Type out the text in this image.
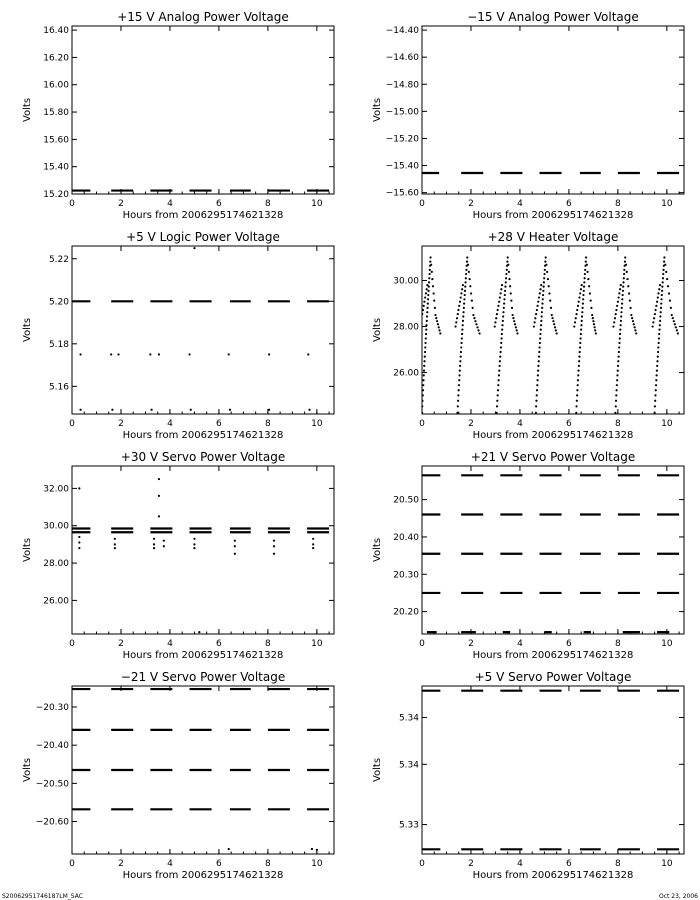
+15 V Analog Power Voltage
0	2	4	6	8	10
15.20
15.40
15.60
15.80
16.00
16.20
16.40
Hours from 2006295174621328
Volts
−15 V Analog Power Voltage
0	2	4	6	8	10
−15.60
−15.40
−15.20
−15.00
−14.80
−14.60
−14.40
Hours from 2006295174621328
Volts
+5 V Logic Power Voltage
0	2	4	6	8	10
5.16
5.18
5.20
5.22
Hours from 2006295174621328
Volts
+28 V Heater Voltage
0	2	4	6	8	10
26.00
28.00
30.00
Hours from 2006295174621328
Volts
+30 V Servo Power Voltage
0	2	4	6	8	10
26.00
28.00
30.00
32.00
Hours from 2006295174621328
Volts
+21 V Servo Power Voltage
0	2	4	6	8	10
20.20
20.30
20.40
20.50
Hours from 2006295174621328
Volts
−21 V Servo Power Voltage
0	2	4	6	8	10
−20.60
−20.50
−20.40
−20.30
Hours from 2006295174621328
Volts
+5 V Servo Power Voltage
0	2	4	6	8	10
5.33
5.34
5.34
Hours from 2006295174621328
Volts
S20062951746187LM_SAC	Oct 23, 2006
